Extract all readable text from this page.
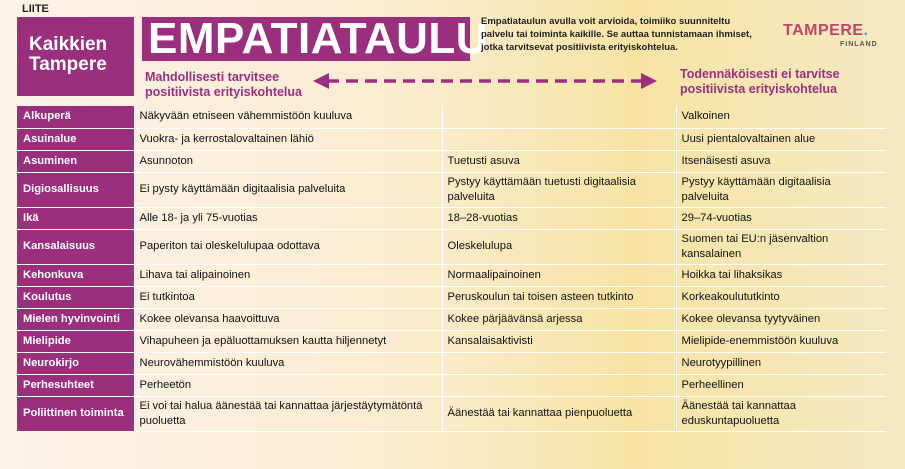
LIITE
Kaikkien
Tampere
EMPATIATAULU
Empatiataulun avulla voit arvioida, toimiiko suunniteltu palvelu tai toiminta kaikille. Se auttaa tunnistamaan ihmiset, jotka tarvitsevat positiivista erityiskohtelua.
TAMPERE.
FINLAND
Mahdollisesti tarvitsee
positiivista erityiskohtelua
Todennäköisesti ei tarvitse
positiivista erityiskohtelua
Alkuperä	Näkyvään etniseen vähemmistöön kuuluva		Valkoinen
Asuinalue	Vuokra- ja kerrostalovaltainen lähiö		Uusi pientalovaltainen alue
Asuminen	Asunnoton	Tuetusti asuva	Itsenäisesti asuva
Digiosallisuus	Ei pysty käyttämään digitaalisia palveluita	Pystyy käyttämään tuetusti digitaalisia palveluita	Pystyy käyttämään digitaalisia palveluita
Ikä	Alle 18- ja yli 75-vuotias	18–28-vuotias	29–74-vuotias
Kansalaisuus	Paperiton tai oleskelulupaa odottava	Oleskelulupa	Suomen tai EU:n jäsenvaltion kansalainen
Kehonkuva	Lihava tai alipainoinen	Normaalipainoinen	Hoikka tai lihaksikas
Koulutus	Ei tutkintoa	Peruskoulun tai toisen asteen tutkinto	Korkeakoulututkinto
Mielen hyvinvointi	Kokee olevansa haavoittuva	Kokee pärjäävänsä arjessa	Kokee olevansa tyytyväinen
Mielipide	Vihapuheen ja epäluottamuksen kautta hiljennetyt	Kansalaisaktivisti	Mielipide-enemmistöön kuuluva
Neurokirjo	Neurovähemmistöön kuuluva		Neurotyypillinen
Perhesuhteet	Perheetön		Perheellinen
Poliittinen toiminta	Ei voi tai halua äänestää tai kannattaa järjestäytymätöntä puoluetta	Äänestää tai kannattaa pienpuoluetta	Äänestää tai kannattaa eduskuntapuoluetta
